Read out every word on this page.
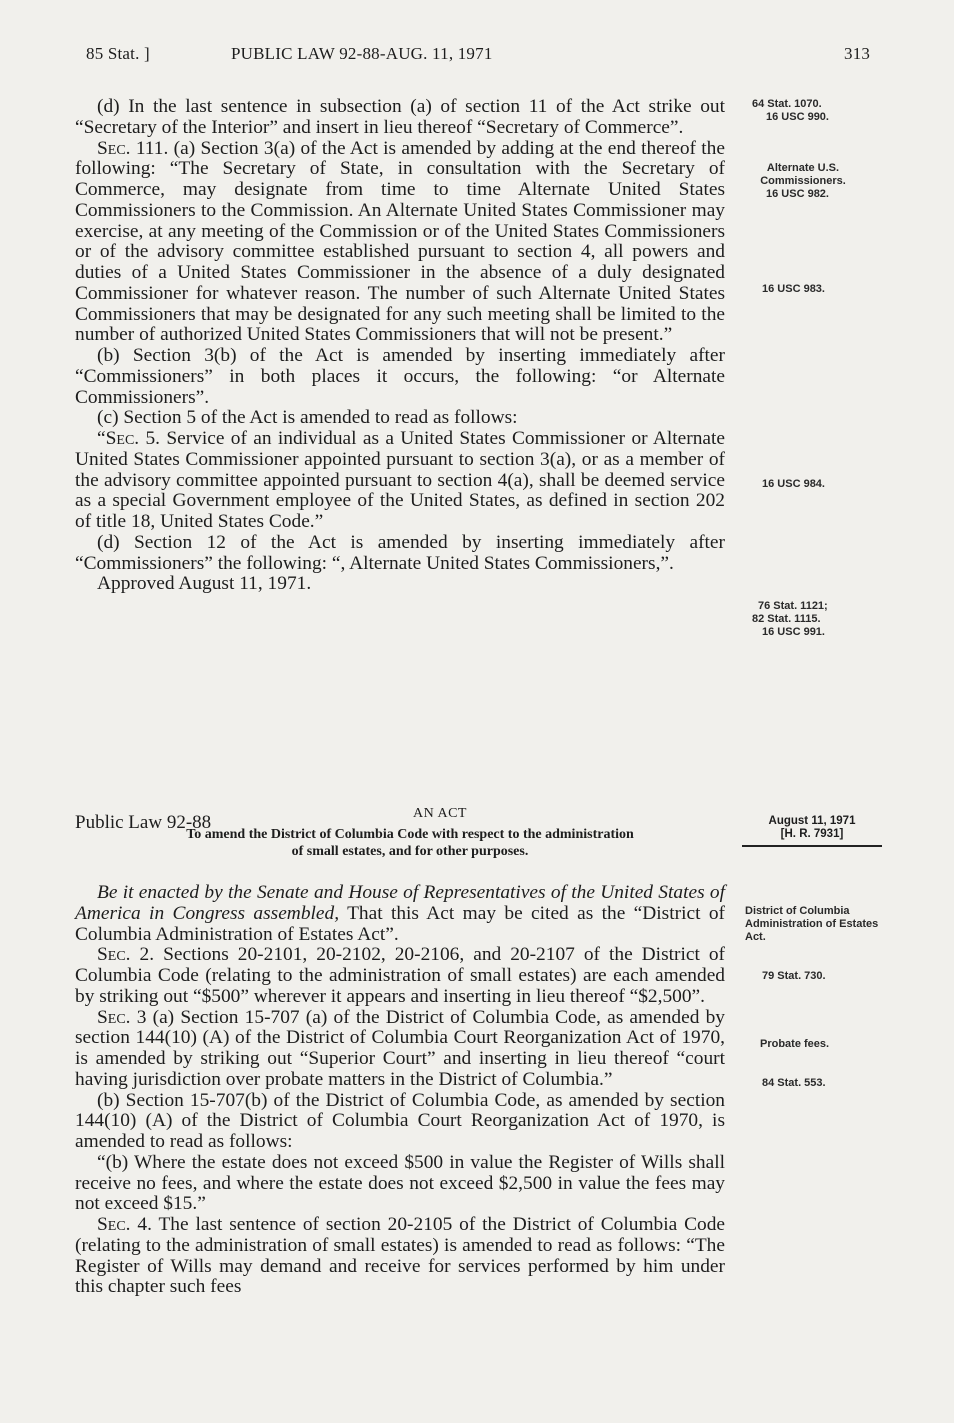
85 Stat. ]	PUBLIC LAW 92-88-AUG. 11, 1971	313

(d) In the last sentence in subsection (a) of section 11 of the Act strike out “Secretary of the Interior” and insert in lieu thereof “Secretary of Commerce”.

Sec. 111. (a) Section 3(a) of the Act is amended by adding at the end thereof the following: “The Secretary of State, in consultation with the Secretary of Commerce, may designate from time to time Alternate United States Commissioners to the Commission. An Alternate United States Commissioner may exercise, at any meeting of the Commission or of the United States Commissioners or of the advisory committee established pursuant to section 4, all powers and duties of a United States Commissioner in the absence of a duly designated Commissioner for whatever reason. The number of such Alternate United States Commissioners that may be designated for any such meeting shall be limited to the number of authorized United States Commissioners that will not be present.”

(b) Section 3(b) of the Act is amended by inserting immediately after “Commissioners” in both places it occurs, the following: “or Alternate Commissioners”.

(c) Section 5 of the Act is amended to read as follows:

“Sec. 5. Service of an individual as a United States Commissioner or Alternate United States Commissioner appointed pursuant to section 3(a), or as a member of the advisory committee appointed pursuant to section 4(a), shall be deemed service as a special Government employee of the United States, as defined in section 202 of title 18, United States Code.”

(d) Section 12 of the Act is amended by inserting immediately after “Commissioners” the following: “, Alternate United States Commissioners,”.

Approved August 11, 1971.

64 Stat. 1070.
16 USC 990.
Alternate U.S. Commissioners.
16 USC 982.
16 USC 983.
16 USC 984.
76 Stat. 1121;
82 Stat. 1115.
16 USC 991.
Public Law 92-88	AN ACT
To amend the District of Columbia Code with respect to the administration
of small estates, and for other purposes.
August 11, 1971
[H. R. 7931]

Be it enacted by the Senate and House of Representatives of the United States of America in Congress assembled, That this Act may be cited as the “District of Columbia Administration of Estates Act”.

Sec. 2. Sections 20-2101, 20-2102, 20-2106, and 20-2107 of the District of Columbia Code (relating to the administration of small estates) are each amended by striking out “$500” wherever it appears and inserting in lieu thereof “$2,500”.

Sec. 3 (a) Section 15-707 (a) of the District of Columbia Code, as amended by section 144(10) (A) of the District of Columbia Court Reorganization Act of 1970, is amended by striking out “Superior Court” and inserting in lieu thereof “court having jurisdiction over probate matters in the District of Columbia.”

(b) Section 15-707(b) of the District of Columbia Code, as amended by section 144(10) (A) of the District of Columbia Court Reorganization Act of 1970, is amended to read as follows:

“(b) Where the estate does not exceed $500 in value the Register of Wills shall receive no fees, and where the estate does not exceed $2,500 in value the fees may not exceed $15.”

Sec. 4. The last sentence of section 20-2105 of the District of Columbia Code (relating to the administration of small estates) is amended to read as follows: “The Register of Wills may demand and receive for services performed by him under this chapter such fees

District of Columbia Administration of Estates Act.
79 Stat. 730.
Probate fees.
84 Stat. 553.
